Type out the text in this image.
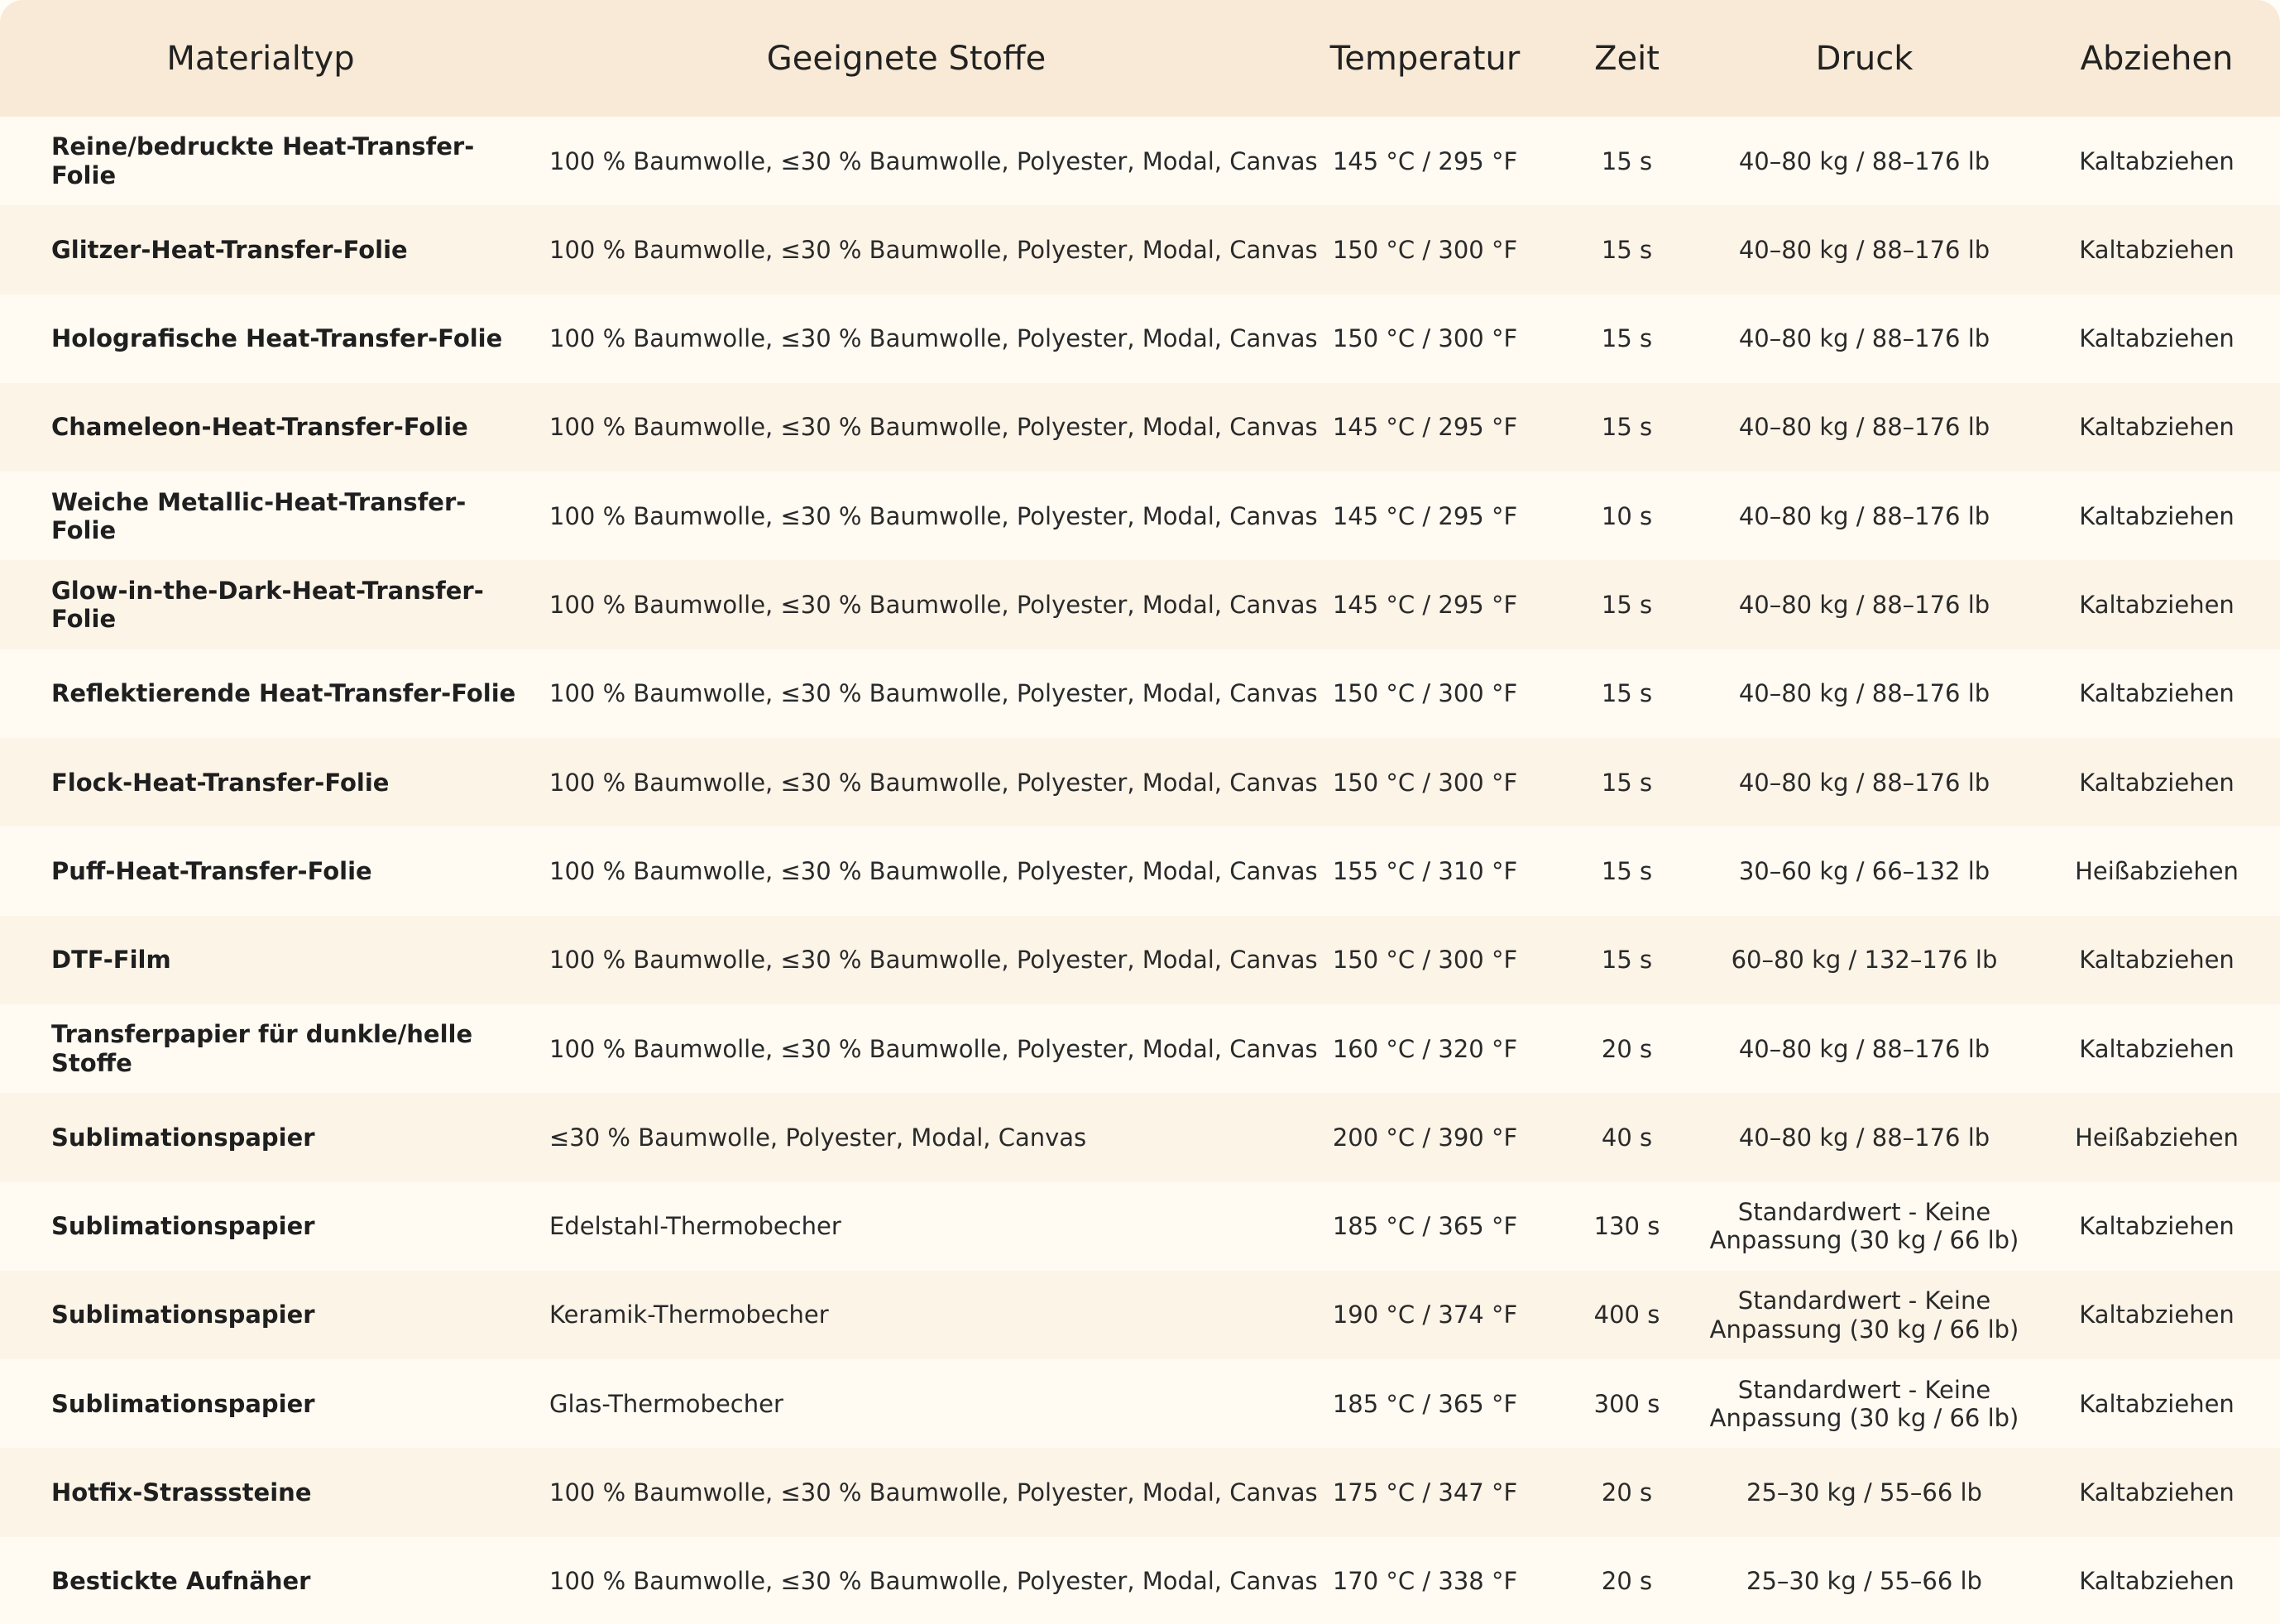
Materialtyp	Geeignete Stoffe	Temperatur	Zeit	Druck	Abziehen
Reine/bedruckte Heat-Transfer-Folie	100 % Baumwolle, ≤30 % Baumwolle, Polyester, Modal, Canvas	145 °C / 295 °F	15 s	40–80 kg / 88–176 lb	Kaltabziehen
Glitzer-Heat-Transfer-Folie	100 % Baumwolle, ≤30 % Baumwolle, Polyester, Modal, Canvas	150 °C / 300 °F	15 s	40–80 kg / 88–176 lb	Kaltabziehen
Holografische Heat-Transfer-Folie	100 % Baumwolle, ≤30 % Baumwolle, Polyester, Modal, Canvas	150 °C / 300 °F	15 s	40–80 kg / 88–176 lb	Kaltabziehen
Chameleon-Heat-Transfer-Folie	100 % Baumwolle, ≤30 % Baumwolle, Polyester, Modal, Canvas	145 °C / 295 °F	15 s	40–80 kg / 88–176 lb	Kaltabziehen
Weiche Metallic-Heat-Transfer-Folie	100 % Baumwolle, ≤30 % Baumwolle, Polyester, Modal, Canvas	145 °C / 295 °F	10 s	40–80 kg / 88–176 lb	Kaltabziehen
Glow-in-the-Dark-Heat-Transfer-Folie	100 % Baumwolle, ≤30 % Baumwolle, Polyester, Modal, Canvas	145 °C / 295 °F	15 s	40–80 kg / 88–176 lb	Kaltabziehen
Reflektierende Heat-Transfer-Folie	100 % Baumwolle, ≤30 % Baumwolle, Polyester, Modal, Canvas	150 °C / 300 °F	15 s	40–80 kg / 88–176 lb	Kaltabziehen
Flock-Heat-Transfer-Folie	100 % Baumwolle, ≤30 % Baumwolle, Polyester, Modal, Canvas	150 °C / 300 °F	15 s	40–80 kg / 88–176 lb	Kaltabziehen
Puff-Heat-Transfer-Folie	100 % Baumwolle, ≤30 % Baumwolle, Polyester, Modal, Canvas	155 °C / 310 °F	15 s	30–60 kg / 66–132 lb	Heißabziehen
DTF-Film	100 % Baumwolle, ≤30 % Baumwolle, Polyester, Modal, Canvas	150 °C / 300 °F	15 s	60–80 kg / 132–176 lb	Kaltabziehen
Transferpapier für dunkle/helle Stoffe	100 % Baumwolle, ≤30 % Baumwolle, Polyester, Modal, Canvas	160 °C / 320 °F	20 s	40–80 kg / 88–176 lb	Kaltabziehen
Sublimationspapier	≤30 % Baumwolle, Polyester, Modal, Canvas	200 °C / 390 °F	40 s	40–80 kg / 88–176 lb	Heißabziehen
Sublimationspapier	Edelstahl-Thermobecher	185 °C / 365 °F	130 s	Standardwert - Keine Anpassung (30 kg / 66 lb)	Kaltabziehen
Sublimationspapier	Keramik-Thermobecher	190 °C / 374 °F	400 s	Standardwert - Keine Anpassung (30 kg / 66 lb)	Kaltabziehen
Sublimationspapier	Glas-Thermobecher	185 °C / 365 °F	300 s	Standardwert - Keine Anpassung (30 kg / 66 lb)	Kaltabziehen
Hotfix-Strasssteine	100 % Baumwolle, ≤30 % Baumwolle, Polyester, Modal, Canvas	175 °C / 347 °F	20 s	25–30 kg / 55–66 lb	Kaltabziehen
Bestickte Aufnäher	100 % Baumwolle, ≤30 % Baumwolle, Polyester, Modal, Canvas	170 °C / 338 °F	20 s	25–30 kg / 55–66 lb	Kaltabziehen
